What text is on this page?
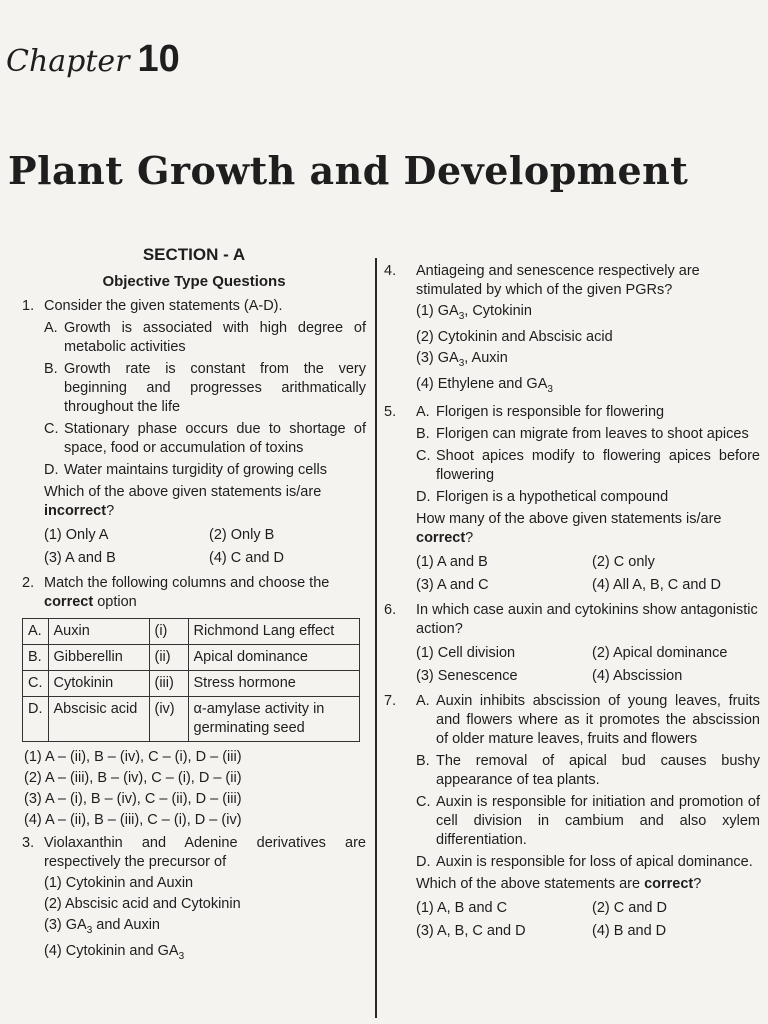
Chapter 10
Plant Growth and Development
SECTION - A
Objective Type Questions
1. Consider the given statements (A-D).
A. Growth is associated with high degree of metabolic activities
B. Growth rate is constant from the very beginning and progresses arithmatically throughout the life
C. Stationary phase occurs due to shortage of space, food or accumulation of toxins
D. Water maintains turgidity of growing cells
Which of the above given statements is/are incorrect?
(1) Only A	(2) Only B
(3) A and B	(4) C and D
2. Match the following columns and choose the correct option
A.	Auxin	(i)	Richmond Lang effect
B.	Gibberellin	(ii)	Apical dominance
C.	Cytokinin	(iii)	Stress hormone
D.	Abscisic acid	(iv)	α-amylase activity in germinating seed
(1) A – (ii), B – (iv), C – (i), D – (iii)
(2) A – (iii), B – (iv), C – (i), D – (ii)
(3) A – (i), B – (iv), C – (ii), D – (iii)
(4) A – (ii), B – (iii), C – (i), D – (iv)
3. Violaxanthin and Adenine derivatives are respectively the precursor of
(1) Cytokinin and Auxin
(2) Abscisic acid and Cytokinin
(3) $GA_3$ and Auxin
(4) Cytokinin and $GA_3$
4. Antiageing and senescence respectively are stimulated by which of the given PGRs?
(1) $GA_3$, Cytokinin
(2) Cytokinin and Abscisic acid
(3) $GA_3$, Auxin
(4) Ethylene and $GA_3$
5. A. Florigen is responsible for flowering
B. Florigen can migrate from leaves to shoot apices
C. Shoot apices modify to flowering apices before flowering
D. Florigen is a hypothetical compound
How many of the above given statements is/are correct?
(1) A and B	(2) C only
(3) A and C	(4) All A, B, C and D
6. In which case auxin and cytokinins show antagonistic action?
(1) Cell division	(2) Apical dominance
(3) Senescence	(4) Abscission
7. A. Auxin inhibits abscission of young leaves, fruits and flowers where as it promotes the abscission of older mature leaves, fruits and flowers
B. The removal of apical bud causes bushy appearance of tea plants.
C. Auxin is responsible for initiation and promotion of cell division in cambium and also xylem differentiation.
D. Auxin is responsible for loss of apical dominance.
Which of the above statements are correct?
(1) A, B and C	(2) C and D
(3) A, B, C and D	(4) B and D
